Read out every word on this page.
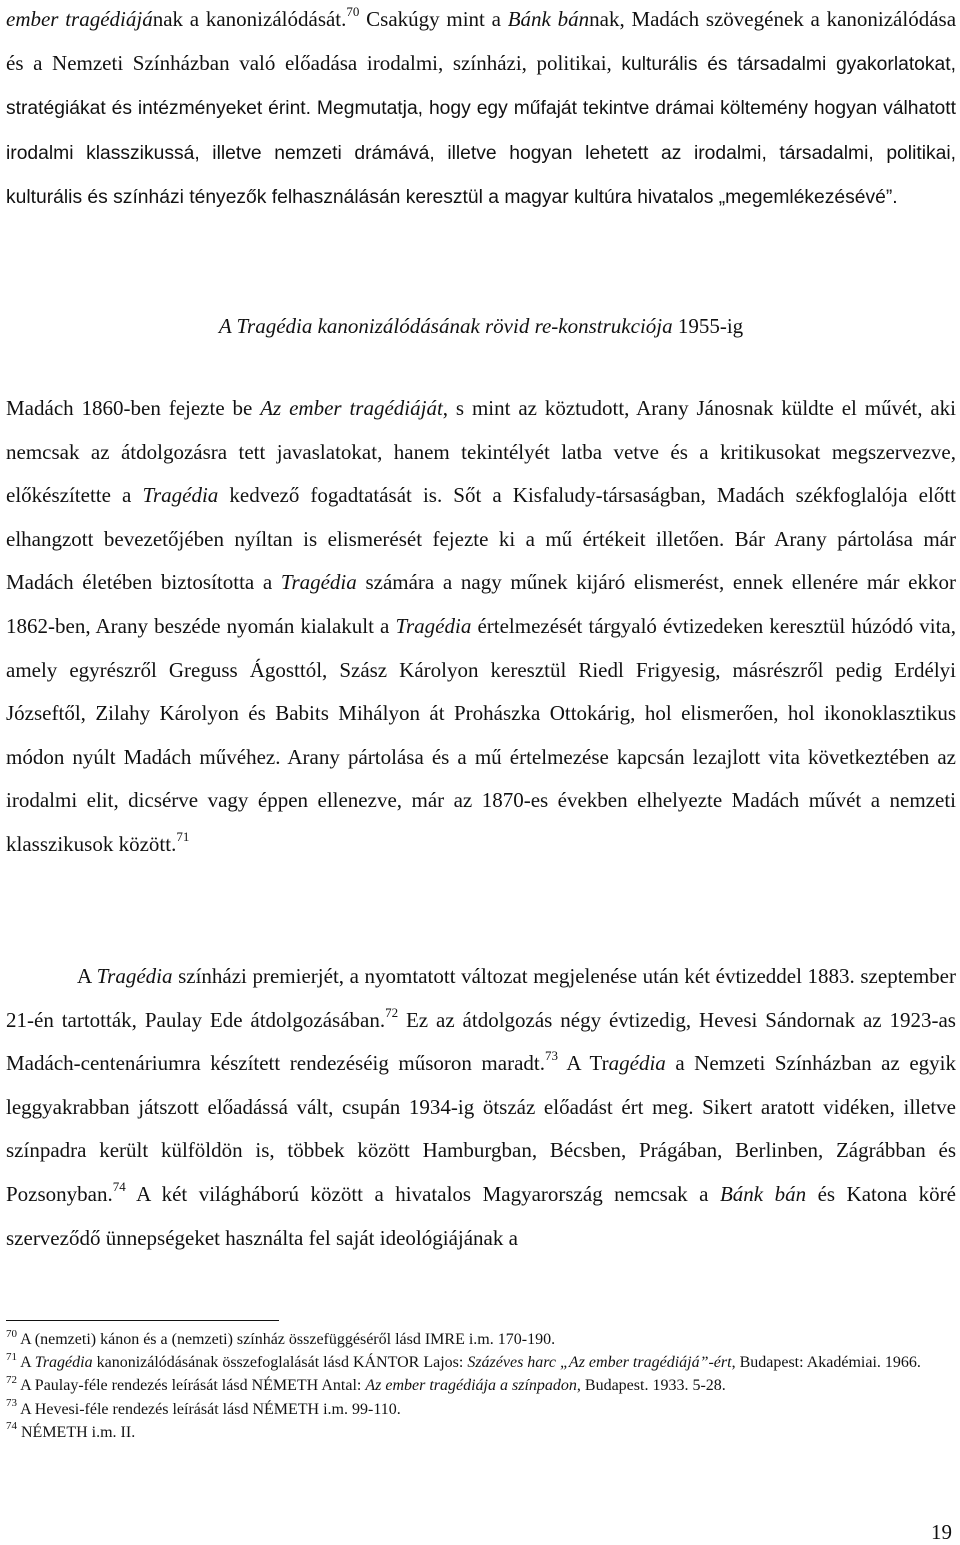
ember tragédiájának a kanonizálódását.$^{70}$ Csakúgy mint a Bánk bánnak, Madách szövegének a kanonizálódása és a Nemzeti Színházban való előadása irodalmi, színházi, politikai, kulturális és társadalmi gyakorlatokat, stratégiákat és intézményeket érint. Megmutatja, hogy egy műfaját tekintve drámai költemény hogyan válhatott irodalmi klasszikussá, illetve nemzeti drámává, illetve hogyan lehetett az irodalmi, társadalmi, politikai, kulturális és színházi tényezők felhasználásán keresztül a magyar kultúra hivatalos „megemlékezésévé”.

A Tragédia kanonizálódásának rövid re-konstrukciója 1955-ig

Madách 1860-ben fejezte be Az ember tragédiáját, s mint az köztudott, Arany Jánosnak küldte el művét, aki nemcsak az átdolgozásra tett javaslatokat, hanem tekintélyét latba vetve és a kritikusokat megszervezve, előkészítette a Tragédia kedvező fogadtatását is. Sőt a Kisfaludy-társaságban, Madách székfoglalója előtt elhangzott bevezetőjében nyíltan is elismerését fejezte ki a mű értékeit illetően. Bár Arany pártolása már Madách életében biztosította a Tragédia számára a nagy műnek kijáró elismerést, ennek ellenére már ekkor 1862-ben, Arany beszéde nyomán kialakult a Tragédia értelmezését tárgyaló évtizedeken keresztül húzódó vita, amely egyrészről Greguss Ágosttól, Szász Károlyon keresztül Riedl Frigyesig, másrészről pedig Erdélyi Józseftől, Zilahy Károlyon és Babits Mihályon át Prohászka Ottokárig, hol elismerően, hol ikonoklasztikus módon nyúlt Madách művéhez. Arany pártolása és a mű értelmezése kapcsán lezajlott vita következtében az irodalmi elit, dicsérve vagy éppen ellenezve, már az 1870-es években elhelyezte Madách művét a nemzeti klasszikusok között.$^{71}$

A Tragédia színházi premierjét, a nyomtatott változat megjelenése után két évtizeddel 1883. szeptember 21-én tartották, Paulay Ede átdolgozásában.$^{72}$ Ez az átdolgozás négy évtizedig, Hevesi Sándornak az 1923-as Madách-centenáriumra készített rendezéséig műsoron maradt.$^{73}$ A Tragédia a Nemzeti Színházban az egyik leggyakrabban játszott előadássá vált, csupán 1934-ig ötszáz előadást ért meg. Sikert aratott vidéken, illetve színpadra került külföldön is, többek között Hamburgban, Bécsben, Prágában, Berlinben, Zágrábban és Pozsonyban.$^{74}$ A két világháború között a hivatalos Magyarország nemcsak a Bánk bán és Katona köré szerveződő ünnepségeket használta fel saját ideológiájának a

$^{70}$ A (nemzeti) kánon és a (nemzeti) színház összefüggéséről lásd IMRE i.m. 170-190.

$^{71}$ A Tragédia kanonizálódásának összefoglalását lásd KÁNTOR Lajos: Százéves harc „Az ember tragédiájá”-ért, Budapest: Akadémiai. 1966.

$^{72}$ A Paulay-féle rendezés leírását lásd NÉMETH Antal: Az ember tragédiája a színpadon, Budapest. 1933. 5-28.

$^{73}$ A Hevesi-féle rendezés leírását lásd NÉMETH i.m. 99-110.

$^{74}$ NÉMETH i.m. II.

19
